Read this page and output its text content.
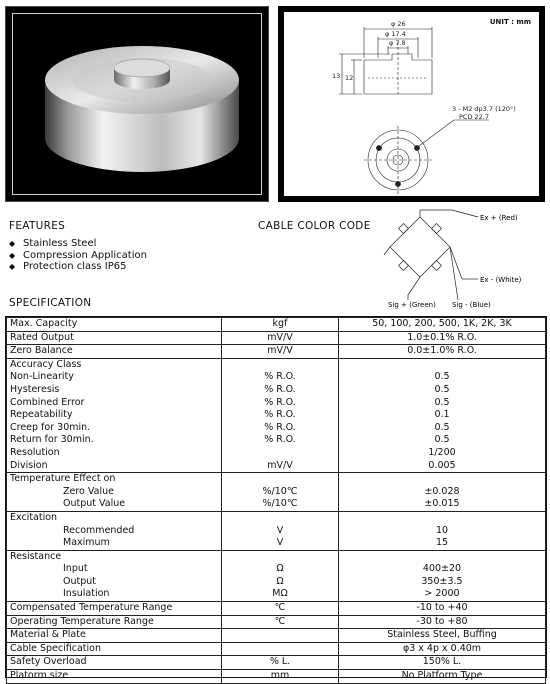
UNIT : mm
φ 26
φ 17.4
φ 7.8
13 12
3 - M2 dp3.7 (120°)
PCD 22.7
FEATURES
◆ Stainless Steel
◆ Compression Application
◆ Protection class IP65
CABLE COLOR CODE
Ex + (Red)
Ex - (White)
Sig + (Green) Sig - (Blue)
SPECIFICATION
Max. Capacity	kgf	50, 100, 200, 500, 1K, 2K, 3K
Rated Output	mV/V	1.0±0.1% R.O.
Zero Balance	mV/V	0.0±1.0% R.O.
Accuracy Class		
Non-Linearity	% R.O.	0.5
Hysteresis	% R.O.	0.5
Combined Error	% R.O.	0.5
Repeatability	% R.O.	0.1
Creep for 30min.	% R.O.	0.5
Return for 30min.	% R.O.	0.5
Resolution		1/200
Division	mV/V	0.005
Temperature Effect on		
Zero Value	%/10℃	±0.028
Output Value	%/10℃	±0.015
Excitation		
Recommended	V	10
Maximum	V	15
Resistance		
Input	Ω	400±20
Output	Ω	350±3.5
Insulation	MΩ	> 2000
Compensated Temperature Range	℃	-10 to +40
Operating Temperature Range	℃	-30 to +80
Material & Plate		Stainless Steel, Buffing
Cable Specification		φ3 x 4p x 0.40m
Safety Overload	% L.	150% L.
Platorm size	mm	No Platform Type
